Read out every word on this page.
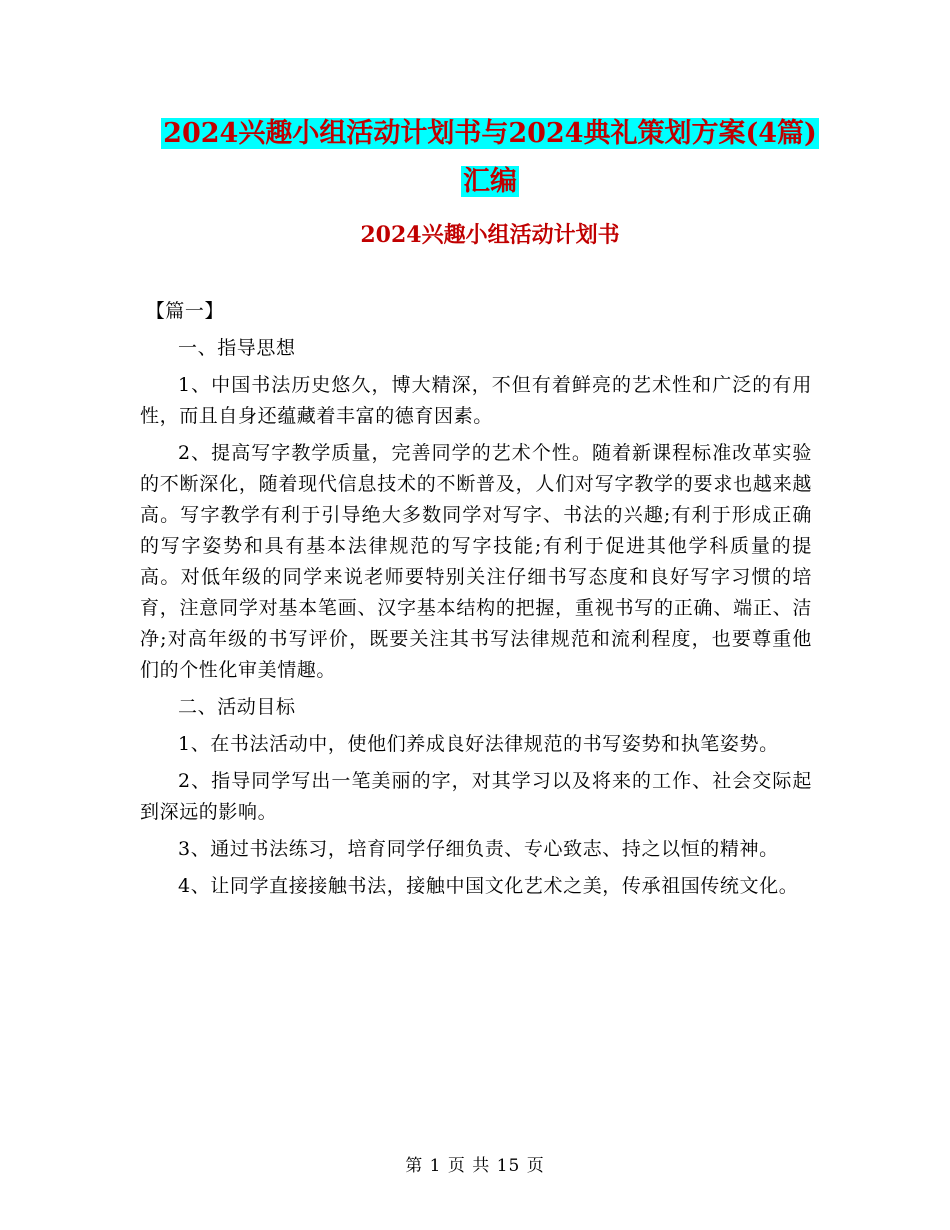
2024兴趣小组活动计划书与2024典礼策划方案(4篇)
汇编
2024兴趣小组活动计划书

【篇一】

一、指导思想

1、中国书法历史悠久，博大精深，不但有着鲜亮的艺术性和广泛的有用性，而且自身还蕴藏着丰富的德育因素。

2、提高写字教学质量，完善同学的艺术个性。随着新课程标准改革实验的不断深化，随着现代信息技术的不断普及，人们对写字教学的要求也越来越高。写字教学有利于引导绝大多数同学对写字、书法的兴趣;有利于形成正确的写字姿势和具有基本法律规范的写字技能;有利于促进其他学科质量的提高。对低年级的同学来说老师要特别关注仔细书写态度和良好写字习惯的培育，注意同学对基本笔画、汉字基本结构的把握，重视书写的正确、端正、洁净;对高年级的书写评价，既要关注其书写法律规范和流利程度，也要尊重他们的个性化审美情趣。

二、活动目标

1、在书法活动中，使他们养成良好法律规范的书写姿势和执笔姿势。

2、指导同学写出一笔美丽的字，对其学习以及将来的工作、社会交际起到深远的影响。

3、通过书法练习，培育同学仔细负责、专心致志、持之以恒的精神。

4、让同学直接接触书法，接触中国文化艺术之美，传承祖国传统文化。

第 1 页 共 15 页
